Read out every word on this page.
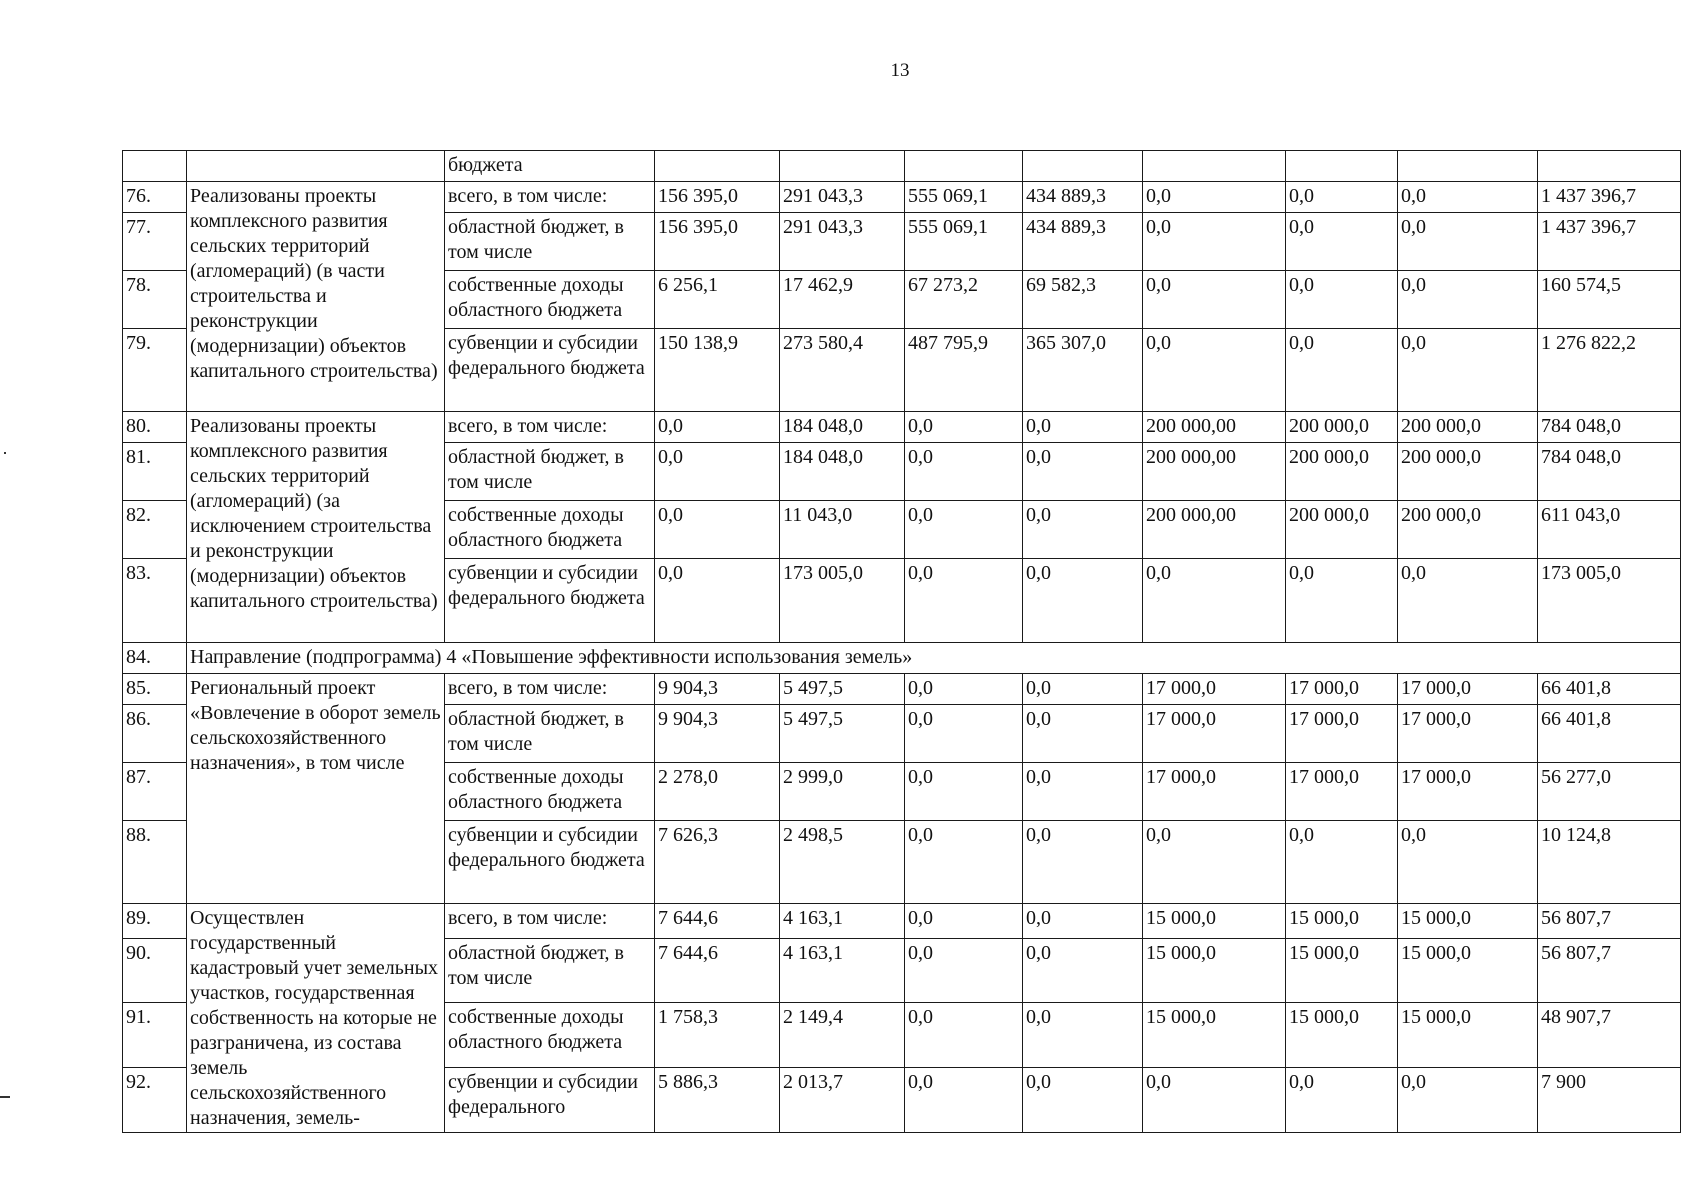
13
		бюджета								
76.	Реализованы проекты комплексного развития сельских территорий (агломераций) (в части строительства и реконструкции (модернизации) объектов капитального строительства)	всего, в том числе:	156 395,0	291 043,3	555 069,1	434 889,3	0,0	0,0	0,0	1 437 396,7
77.		областной бюджет, в том числе	156 395,0	291 043,3	555 069,1	434 889,3	0,0	0,0	0,0	1 437 396,7
78.		собственные доходы областного бюджета	6 256,1	17 462,9	67 273,2	69 582,3	0,0	0,0	0,0	160 574,5
79.		субвенции и субсидии федерального бюджета	150 138,9	273 580,4	487 795,9	365 307,0	0,0	0,0	0,0	1 276 822,2
80.	Реализованы проекты комплексного развития сельских территорий (агломераций) (за исключением строительства и реконструкции (модернизации) объектов капитального строительства)	всего, в том числе:	0,0	184 048,0	0,0	0,0	200 000,00	200 000,0	200 000,0	784 048,0
81.		областной бюджет, в том числе	0,0	184 048,0	0,0	0,0	200 000,00	200 000,0	200 000,0	784 048,0
82.		собственные доходы областного бюджета	0,0	11 043,0	0,0	0,0	200 000,00	200 000,0	200 000,0	611 043,0
83.		субвенции и субсидии федерального бюджета	0,0	173 005,0	0,0	0,0	0,0	0,0	0,0	173 005,0
84.	Направление (подпрограмма) 4 «Повышение эффективности использования земель»									
85.	Региональный проект «Вовлечение в оборот земель сельскохозяйственного назначения», в том числе	всего, в том числе:	9 904,3	5 497,5	0,0	0,0	17 000,0	17 000,0	17 000,0	66 401,8
86.		областной бюджет, в том числе	9 904,3	5 497,5	0,0	0,0	17 000,0	17 000,0	17 000,0	66 401,8
87.		собственные доходы областного бюджета	2 278,0	2 999,0	0,0	0,0	17 000,0	17 000,0	17 000,0	56 277,0
88.		субвенции и субсидии федерального бюджета	7 626,3	2 498,5	0,0	0,0	0,0	0,0	0,0	10 124,8
89.	Осуществлен государственный кадастровый учет земельных участков, государственная собственность на которые не разграничена, из состава земель сельскохозяйственного назначения, земель-	всего, в том числе:	7 644,6	4 163,1	0,0	0,0	15 000,0	15 000,0	15 000,0	56 807,7
90.		областной бюджет, в том числе	7 644,6	4 163,1	0,0	0,0	15 000,0	15 000,0	15 000,0	56 807,7
91.		собственные доходы областного бюджета	1 758,3	2 149,4	0,0	0,0	15 000,0	15 000,0	15 000,0	48 907,7
92.		субвенции и субсидии федерального	5 886,3	2 013,7	0,0	0,0	0,0	0,0	0,0	7 900
